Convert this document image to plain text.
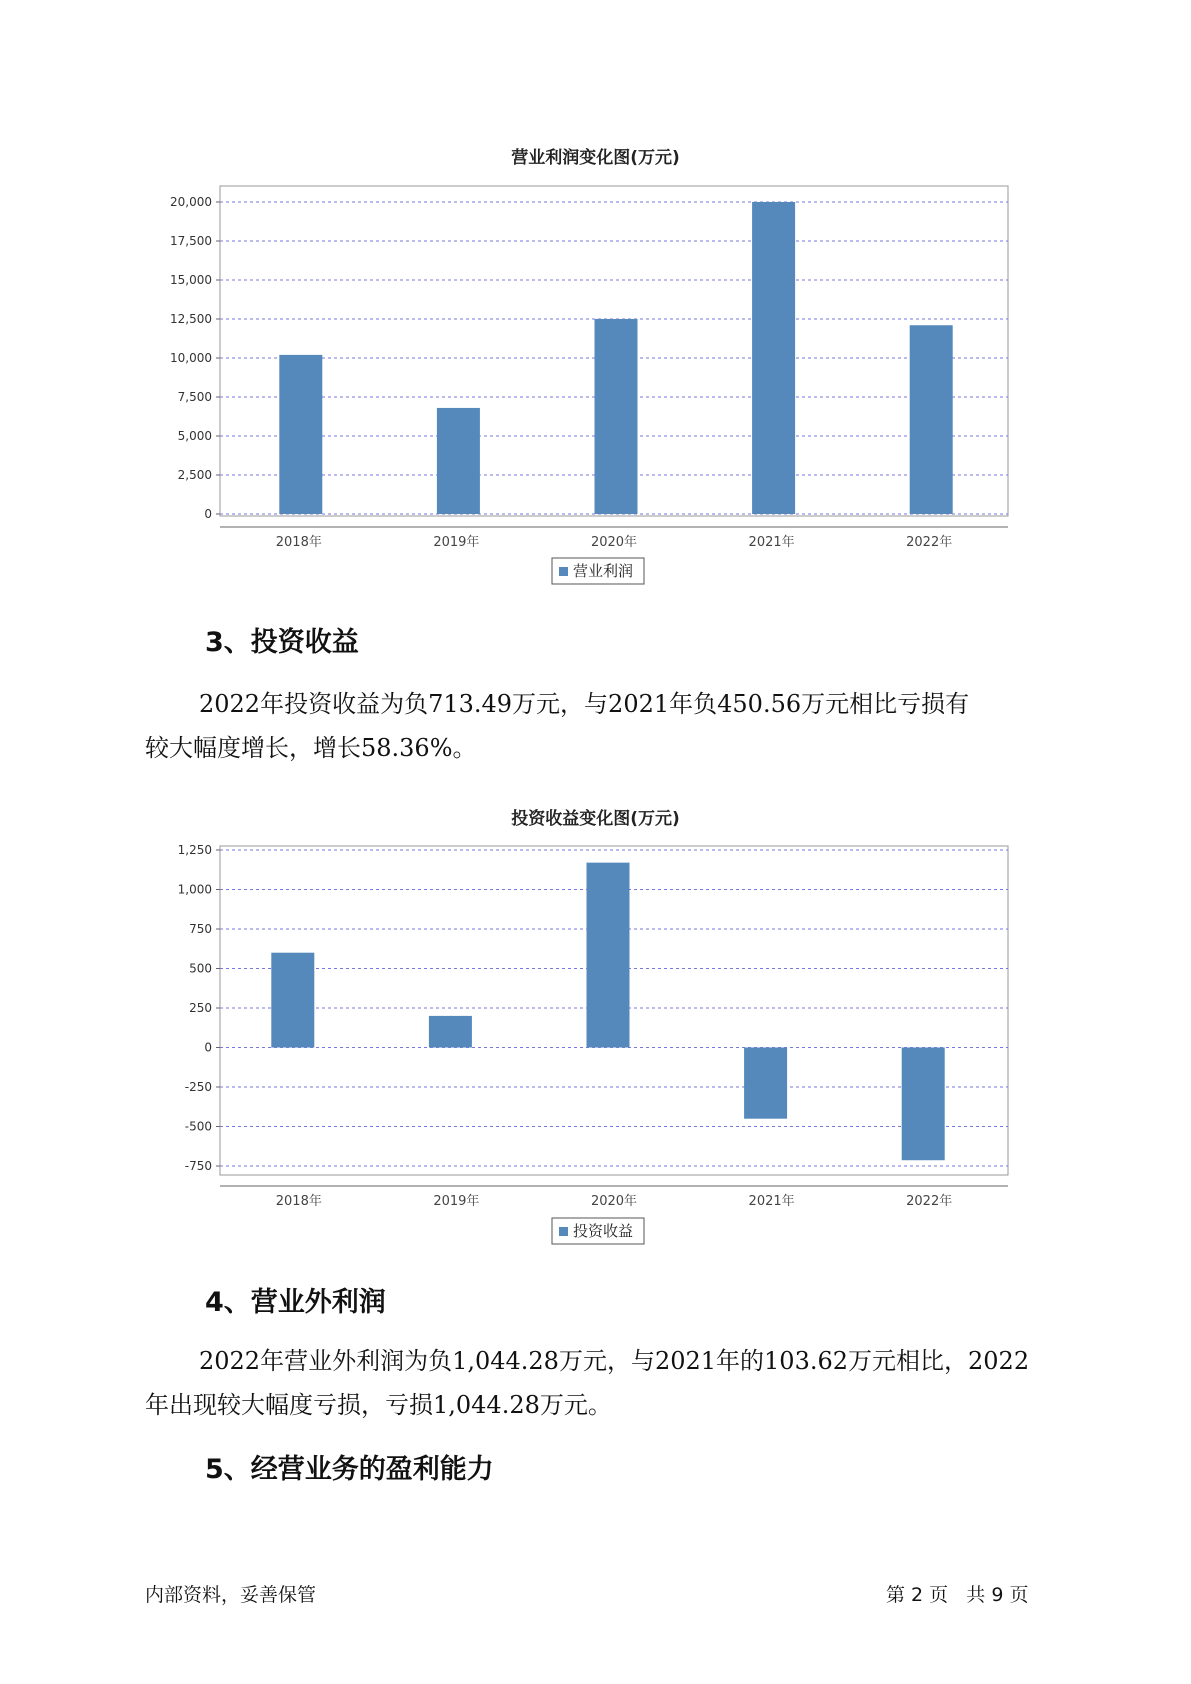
营业利润变化图(万元)
0
2,500
5,000
7,500
10,000
12,500
15,000
17,500
20,000
2018年	2019年	2020年	2021年	2022年
营业利润
3、投资收益
2022年投资收益为负713.49万元，与2021年负450.56万元相比亏损有
较大幅度增长，增长58.36%。
投资收益变化图(万元)
-750
-500
-250
0
250
500
750
1,000
1,250
2018年	2019年	2020年	2021年	2022年
投资收益
4、营业外利润
2022年营业外利润为负1,044.28万元，与2021年的103.62万元相比，2022
年出现较大幅度亏损，亏损1,044.28万元。
5、经营业务的盈利能力
内部资料，妥善保管	第 2 页   共 9 页
